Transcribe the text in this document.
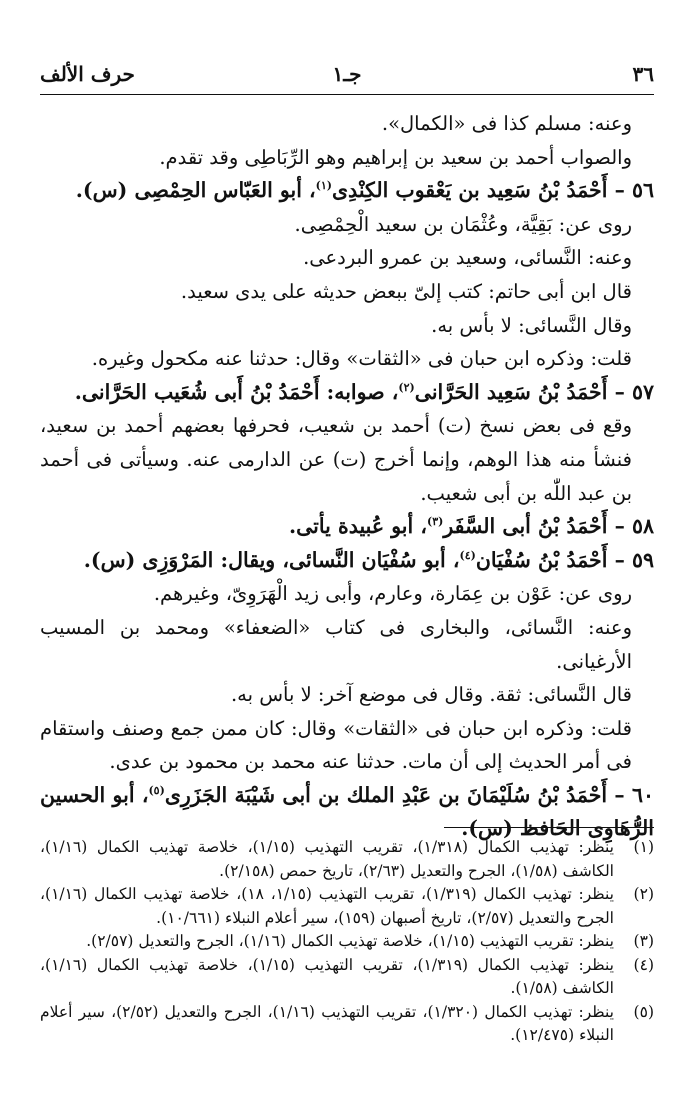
٣٦
جـ١
حرف الألف

وعنه: مسلم كذا فى «الكمال».

والصواب أحمد بن سعيد بن إبراهيم وهو الرِّبَاطِى وقد تقدم.

٥٦ – أَحْمَدُ بْنُ سَعِيد بن يَعْقوب الكِنْدِى$^{(١)}$، أبو العَبّاس الحِمْصِى (س).

روى عن: بَقِيَّة، وعُثْمَان بن سعيد الْحِمْصِى.

وعنه: النَّسائى، وسعيد بن عمرو البردعى.

قال ابن أبى حاتم: كتب إلىّ ببعض حديثه على يدى سعيد.

وقال النَّسائى: لا بأس به.

قلت: وذكره ابن حبان فى «الثقات» وقال: حدثنا عنه مكحول وغيره.

٥٧ – أَحْمَدُ بْنُ سَعِيد الحَرَّانى$^{(٢)}$، صوابه: أَحْمَدُ بْنُ أَبى شُعَيب الحَرَّانى.

وقع فى بعض نسخ (ت) أحمد بن شعيب، فحرفها بعضهم أحمد بن سعيد، فنشأ منه هذا الوهم، وإنما أخرج (ت) عن الدارمى عنه. وسيأتى فى أحمد بن عبد اللّٰه بن أبى شعيب.

٥٨ – أَحْمَدُ بْنُ أبى السَّفَر$^{(٣)}$، أبو عُبيدة يأتى.

٥٩ – أَحْمَدُ بْنُ سُفْيَان$^{(٤)}$، أبو سُفْيَان النَّسائى، ويقال: المَرْوَزِى (س).

روى عن: عَوْن بن عِمَارة، وعارم، وأبى زيد الْهَرَوِىّ، وغيرهم.

وعنه: النَّسائى، والبخارى فى كتاب «الضعفاء» ومحمد بن المسيب الأرغيانى.

قال النَّسائى: ثقة. وقال فى موضع آخر: لا بأس به.

قلت: وذكره ابن حبان فى «الثقات» وقال: كان ممن جمع وصنف واستقام فى أمر الحديث إلى أن مات. حدثنا عنه محمد بن محمود بن عدى.

٦٠ – أَحْمَدُ بْنُ سُلَيْمَانَ بن عَبْدِ الملك بن أبى شَيْبَة الجَزَرِى$^{(٥)}$، أبو الحسين الرُّهَاوِى الحَافظ (س).

(١)
ينظر: تهذيب الكمال (١/٣١٨)، تقريب التهذيب (١/١٥)، خلاصة تهذيب الكمال (١/١٦)، الكاشف (١/٥٨)، الجرح والتعديل (٢/٦٣)، تاريخ حمص (٢/١٥٨).
(٢)
ينظر: تهذيب الكمال (١/٣١٩)، تقريب التهذيب (١/١٥، ١٨)، خلاصة تهذيب الكمال (١/١٦)، الجرح والتعديل (٢/٥٧)، تاريخ أصبهان (١٥٩)، سير أعلام النبلاء (١٠/٦٦١).
(٣)
ينظر: تقريب التهذيب (١/١٥)، خلاصة تهذيب الكمال (١/١٦)، الجرح والتعديل (٢/٥٧).
(٤)
ينظر: تهذيب الكمال (١/٣١٩)، تقريب التهذيب (١/١٥)، خلاصة تهذيب الكمال (١/١٦)، الكاشف (١/٥٨).
(٥)
ينظر: تهذيب الكمال (١/٣٢٠)، تقريب التهذيب (١/١٦)، الجرح والتعديل (٢/٥٢)، سير أعلام النبلاء (١٢/٤٧٥).
